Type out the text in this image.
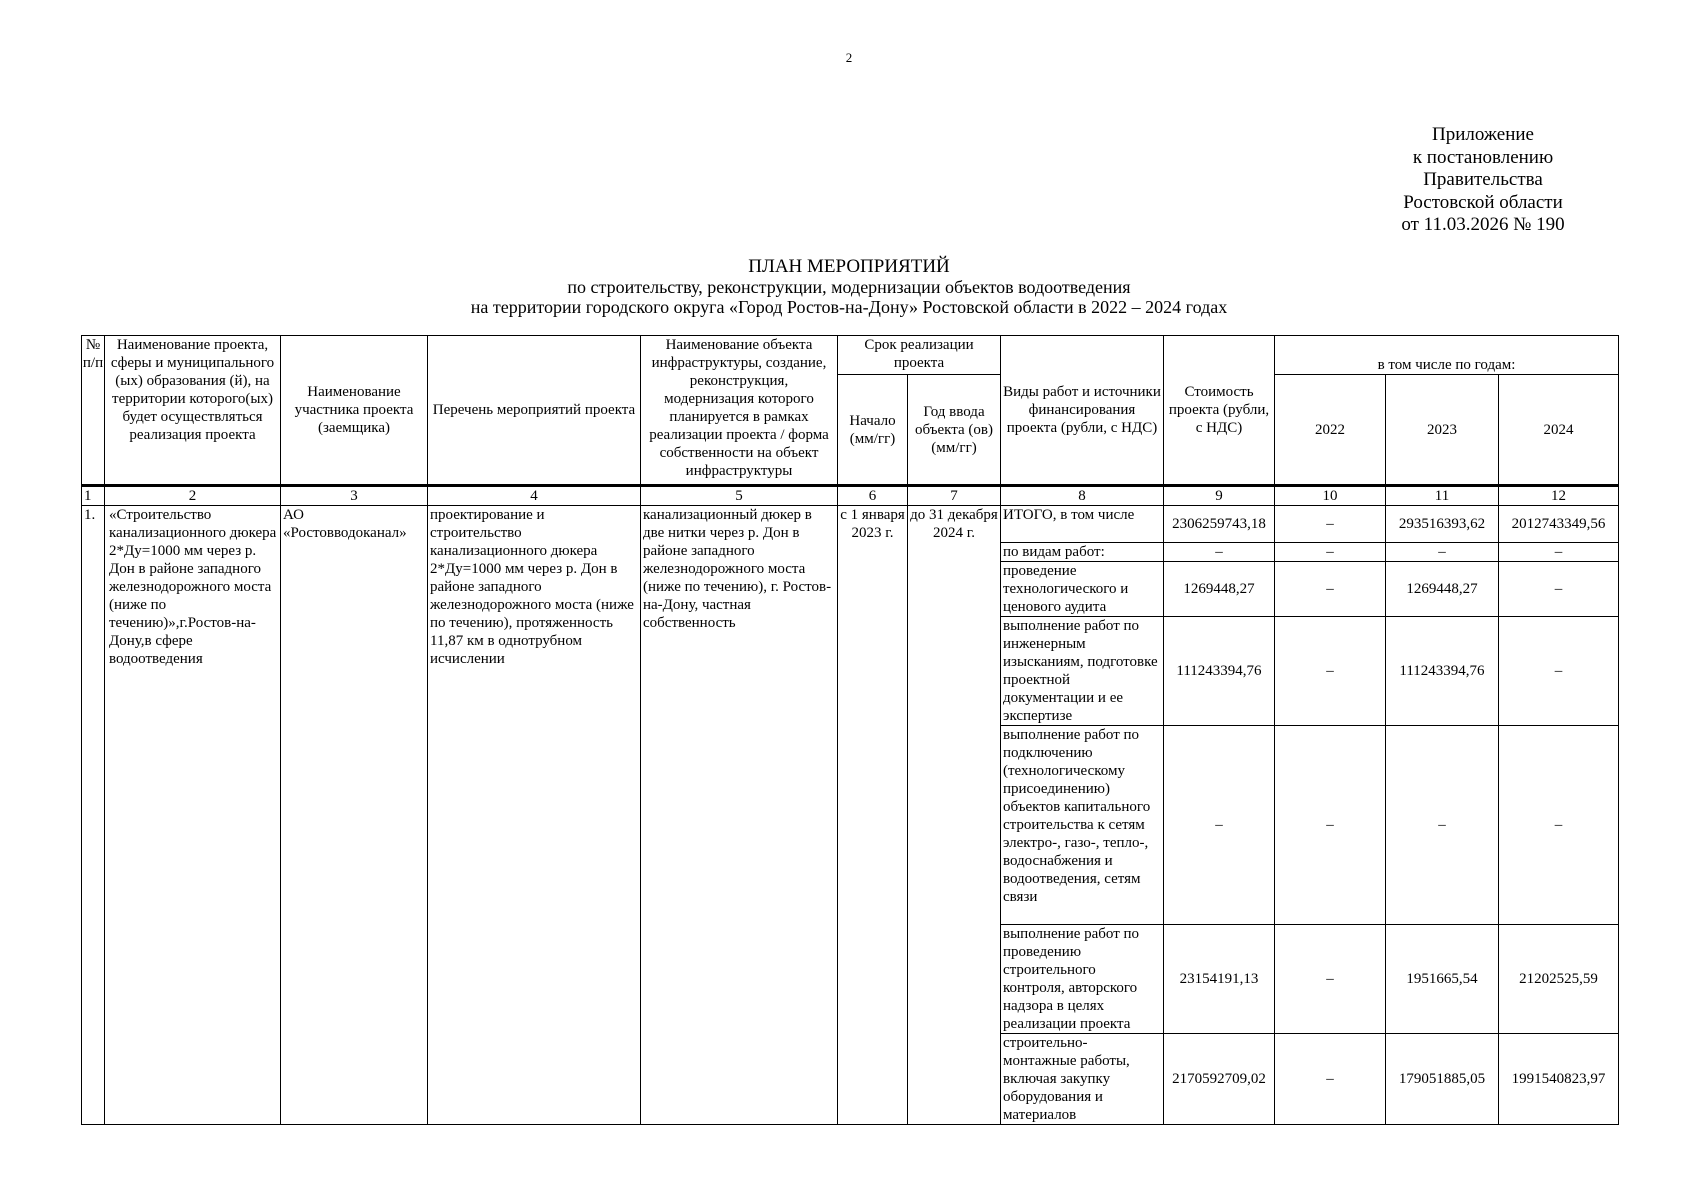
2
Приложение
к постановлению
Правительства
Ростовской области
от 11.03.2026 № 190
ПЛАН МЕРОПРИЯТИЙ
по строительству, реконструкции, модернизации объектов водоотведения
на территории городского округа «Город Ростов-на-Дону» Ростовской области в 2022 – 2024 годах
№ п/п	Наименование проекта, сферы и муниципального (ых) образования (й), на территории которого(ых) будет осуществляться реализация проекта	Наименование участника проекта (заемщика)	Перечень мероприятий проекта	Наименование объекта инфраструктуры, создание, реконструкция, модернизация которого планируется в рамках реализации проекта / форма собственности на объект инфраструктуры	Срок реализации проекта		Виды работ и источники финансирования проекта (рубли, с НДС)	Стоимость проекта (рубли, с НДС)	в том числе по годам:		
					Начало (мм/гг)	Год ввода объекта (ов) (мм/гг)			2022	2023	2024
1	2	3	4	5	6	7	8	9	10	11	12
1.	«Строительство канализационного дюкера 2*Ду=1000 мм через р. Дон в районе западного железнодорожного моста (ниже по течению)»,г.Ростов-на-Дону,в сфере водоотведения	АО «Ростовводоканал»	проектирование и строительство канализационного дюкера 2*Ду=1000 мм через р. Дон в районе западного железнодорожного моста (ниже по течению), протяженность 11,87 км в однотрубном исчислении	канализационный дюкер в две нитки через р. Дон в районе западного железнодорожного моста (ниже по течению), г. Ростов-на-Дону, частная собственность	с 1 января 2023 г.	до 31 декабря 2024 г.	ИТОГО, в том числе	2306259743,18	–	293516393,62	2012743349,56
							по видам работ:	–	–	–	–
							проведение технологического и ценового аудита	1269448,27	–	1269448,27	–
							выполнение работ по инженерным изысканиям, подготовке проектной документации и ее экспертизе	111243394,76	–	111243394,76	–
							выполнение работ по подключению (технологическому присоединению) объектов капитального строительства к сетям электро-, газо-, тепло-, водоснабжения и водоотведения, сетям связи	–	–	–	–
							выполнение работ по проведению строительного контроля, авторского надзора в целях реализации проекта	23154191,13	–	1951665,54	21202525,59
							строительно-монтажные работы, включая закупку оборудования и материалов	2170592709,02	–	179051885,05	1991540823,97
